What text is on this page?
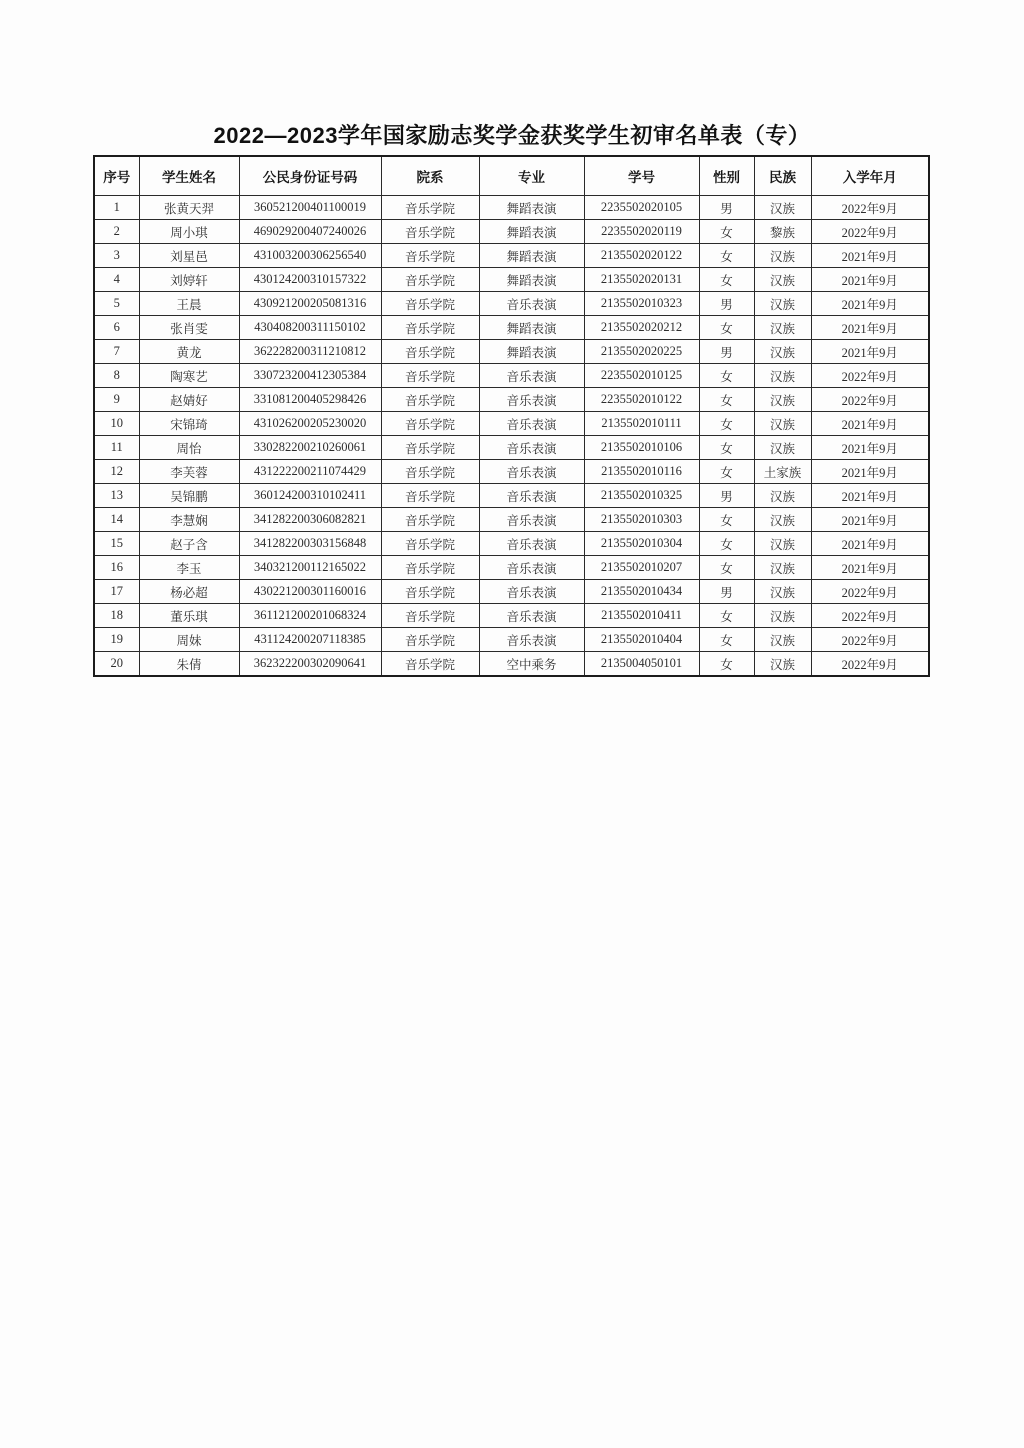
2022—2023学年国家励志奖学金获奖学生初审名单表（专）
序号	学生姓名	公民身份证号码	院系	专业	学号	性别	民族	入学年月
1	张黄天羿	360521200401100019	音乐学院	舞蹈表演	2235502020105	男	汉族	2022年9月
2	周小琪	469029200407240026	音乐学院	舞蹈表演	2235502020119	女	黎族	2022年9月
3	刘星邑	431003200306256540	音乐学院	舞蹈表演	2135502020122	女	汉族	2021年9月
4	刘婷轩	430124200310157322	音乐学院	舞蹈表演	2135502020131	女	汉族	2021年9月
5	王晨	430921200205081316	音乐学院	音乐表演	2135502010323	男	汉族	2021年9月
6	张肖雯	430408200311150102	音乐学院	舞蹈表演	2135502020212	女	汉族	2021年9月
7	黄龙	362228200311210812	音乐学院	舞蹈表演	2135502020225	男	汉族	2021年9月
8	陶寒艺	330723200412305384	音乐学院	音乐表演	2235502010125	女	汉族	2022年9月
9	赵婧好	331081200405298426	音乐学院	音乐表演	2235502010122	女	汉族	2022年9月
10	宋锦琦	431026200205230020	音乐学院	音乐表演	2135502010111	女	汉族	2021年9月
11	周怡	330282200210260061	音乐学院	音乐表演	2135502010106	女	汉族	2021年9月
12	李芙蓉	431222200211074429	音乐学院	音乐表演	2135502010116	女	土家族	2021年9月
13	吴锦鹏	360124200310102411	音乐学院	音乐表演	2135502010325	男	汉族	2021年9月
14	李慧娴	341282200306082821	音乐学院	音乐表演	2135502010303	女	汉族	2021年9月
15	赵子含	341282200303156848	音乐学院	音乐表演	2135502010304	女	汉族	2021年9月
16	李玉	340321200112165022	音乐学院	音乐表演	2135502010207	女	汉族	2021年9月
17	杨必超	430221200301160016	音乐学院	音乐表演	2135502010434	男	汉族	2022年9月
18	董乐琪	361121200201068324	音乐学院	音乐表演	2135502010411	女	汉族	2022年9月
19	周妹	431124200207118385	音乐学院	音乐表演	2135502010404	女	汉族	2022年9月
20	朱倩	362322200302090641	音乐学院	空中乘务	2135004050101	女	汉族	2022年9月
